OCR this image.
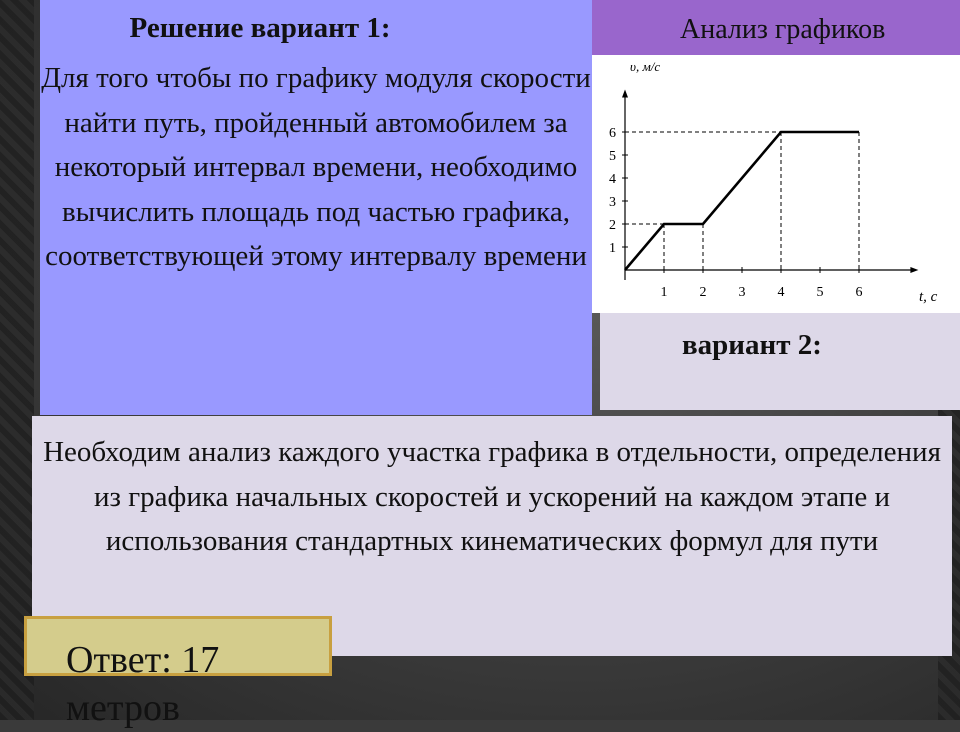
Решение вариант 1:
Для того чтобы по графику модуля скорости найти путь, пройденный автомобилем за некоторый интервал времени, необходимо вычислить площадь под частью графика, соответствующей этому интервалу времени
Анализ графиков
1 2 3 4 5 6
1
2
3
4
5
6
υ, м/с
t, с
вариант 2:
Необходим анализ каждого участка графика в отдельности, определения из графика начальных скоростей и ускорений на каждом этапе и использования стандартных кинематических формул для пути
Ответ: 17 метров
